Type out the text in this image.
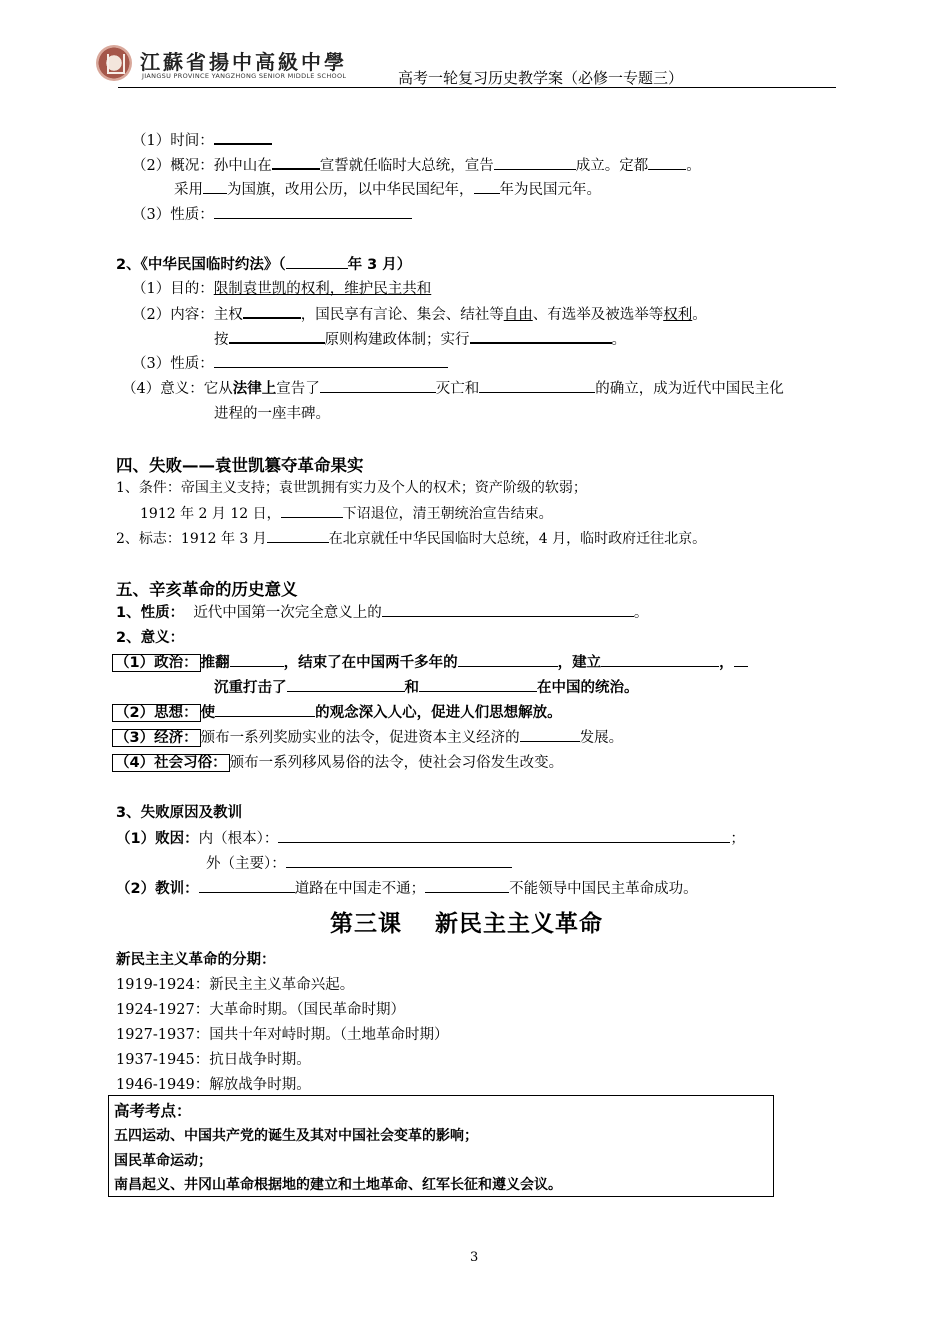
江蘇省揚中高級中學
JIANGSU PROVINCE YANGZHONG SENIOR MIDDLE SCHOOL	高考一轮复习历史教学案（必修一专题三）
（1）时间：
（2）概况：孙中山在	宣誓就任临时大总统，宣告	成立。定都	。
采用 为国旗，改用公历，以中华民国纪年， 年为民国元年。
（3）性质：
2、《中华民国临时约法》（	年 3 月）
（1）目的：限制袁世凯的权利，维护民主共和
（2）内容：主权	，国民享有言论、集会、结社等自由、有选举及被选举等权利。
按	原则构建政体制；实行	。
（3）性质：
（4）意义：它从法律上宣告了	灭亡和	的确立，成为近代中国民主化
进程的一座丰碑。
四、失败——袁世凯篡夺革命果实
1、条件：帝国主义支持；袁世凯拥有实力及个人的权术；资产阶级的软弱；
1912 年 2 月 12 日，	下诏退位，清王朝统治宣告结束。
2、标志：1912 年 3 月	在北京就任中华民国临时大总统，4 月，临时政府迁往北京。
五、辛亥革命的历史意义
1、性质： 近代中国第一次完全意义上的	。
2、意义：
（1）政治： 推翻	，结束了在中国两千多年的	，建立	，
沉重打击了	和	在中国的统治。
（2）思想： 使	的观念深入人心，促进人们思想解放。
（3）经济： 颁布一系列奖励实业的法令，促进资本主义经济的	发展。
（4）社会习俗： 颁布一系列移风易俗的法令，使社会习俗发生改变。
3、失败原因及教训
（1）败因：内（根本）：	；
外（主要）：
（2）教训：	道路在中国走不通；	不能领导中国民主革命成功。
第三课　 新民主主义革命
新民主主义革命的分期：
1919-1924：新民主主义革命兴起。
1924-1927：大革命时期。（国民革命时期）
1927-1937：国共十年对峙时期。（土地革命时期）
1937-1945：抗日战争时期。
1946-1949：解放战争时期。
高考考点：
五四运动、中国共产党的诞生及其对中国社会变革的影响；
国民革命运动；
南昌起义、井冈山革命根据地的建立和土地革命、红军长征和遵义会议。
3
